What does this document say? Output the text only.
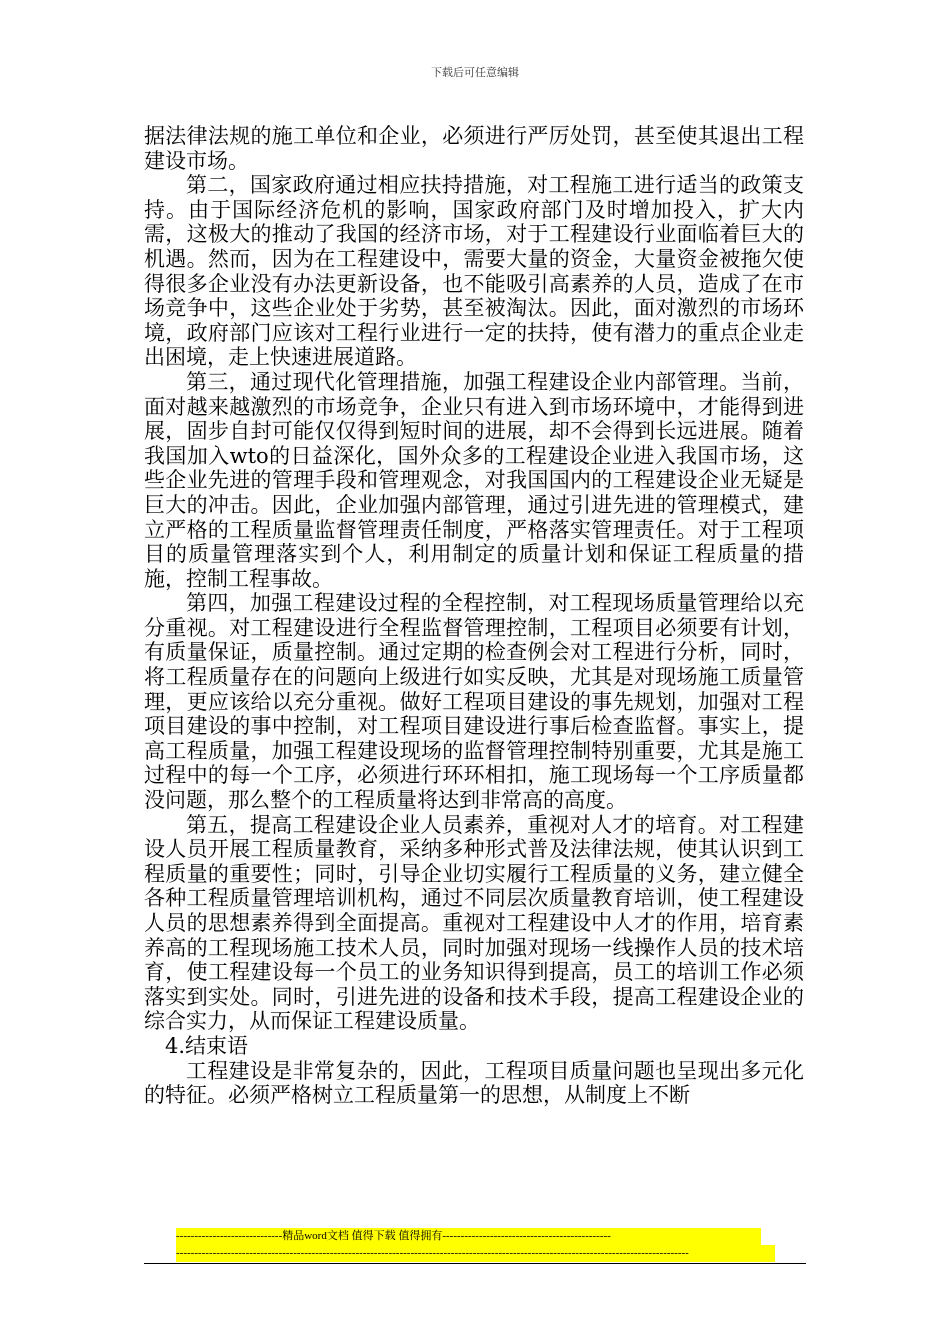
下载后可任意编辑

据法律法规的施工单位和企业，必须进行严厉处罚，甚至使其退出工程建设市场。

第二，国家政府通过相应扶持措施，对工程施工进行适当的政策支持。由于国际经济危机的影响，国家政府部门及时增加投入，扩大内需，这极大的推动了我国的经济市场，对于工程建设行业面临着巨大的机遇。然而，因为在工程建设中，需要大量的资金，大量资金被拖欠使得很多企业没有办法更新设备，也不能吸引高素养的人员，造成了在市场竞争中，这些企业处于劣势，甚至被淘汰。因此，面对激烈的市场环境，政府部门应该对工程行业进行一定的扶持，使有潜力的重点企业走出困境，走上快速进展道路。

第三，通过现代化管理措施，加强工程建设企业内部管理。当前，面对越来越激烈的市场竞争，企业只有进入到市场环境中，才能得到进展，固步自封可能仅仅得到短时间的进展，却不会得到长远进展。随着我国加入wto的日益深化，国外众多的工程建设企业进入我国市场，这些企业先进的管理手段和管理观念，对我国国内的工程建设企业无疑是巨大的冲击。因此，企业加强内部管理，通过引进先进的管理模式，建立严格的工程质量监督管理责任制度，严格落实管理责任。对于工程项目的质量管理落实到个人，利用制定的质量计划和保证工程质量的措施，控制工程事故。

第四，加强工程建设过程的全程控制，对工程现场质量管理给以充分重视。对工程建设进行全程监督管理控制，工程项目必须要有计划，有质量保证，质量控制。通过定期的检查例会对工程进行分析，同时，将工程质量存在的问题向上级进行如实反映，尤其是对现场施工质量管理，更应该给以充分重视。做好工程项目建设的事先规划，加强对工程项目建设的事中控制，对工程项目建设进行事后检查监督。事实上，提高工程质量，加强工程建设现场的监督管理控制特别重要，尤其是施工过程中的每一个工序，必须进行环环相扣，施工现场每一个工序质量都没问题，那么整个的工程质量将达到非常高的高度。

第五，提高工程建设企业人员素养，重视对人才的培育。对工程建设人员开展工程质量教育，采纳多种形式普及法律法规，使其认识到工程质量的重要性；同时，引导企业切实履行工程质量的义务，建立健全各种工程质量管理培训机构，通过不同层次质量教育培训，使工程建设人员的思想素养得到全面提高。重视对工程建设中人才的作用，培育素养高的工程现场施工技术人员，同时加强对现场一线操作人员的技术培育，使工程建设每一个员工的业务知识得到提高，员工的培训工作必须落实到实处。同时，引进先进的设备和技术手段，提高工程建设企业的综合实力，从而保证工程建设质量。

4.结束语

工程建设是非常复杂的，因此，工程项目质量问题也呈现出多元化的特征。必须严格树立工程质量第一的思想，从制度上不断

-----------------------------精品word文档 值得下载 值得拥有----------------------------------------------
--------------------------------------------------------------------------------------------------------------------------------------------
